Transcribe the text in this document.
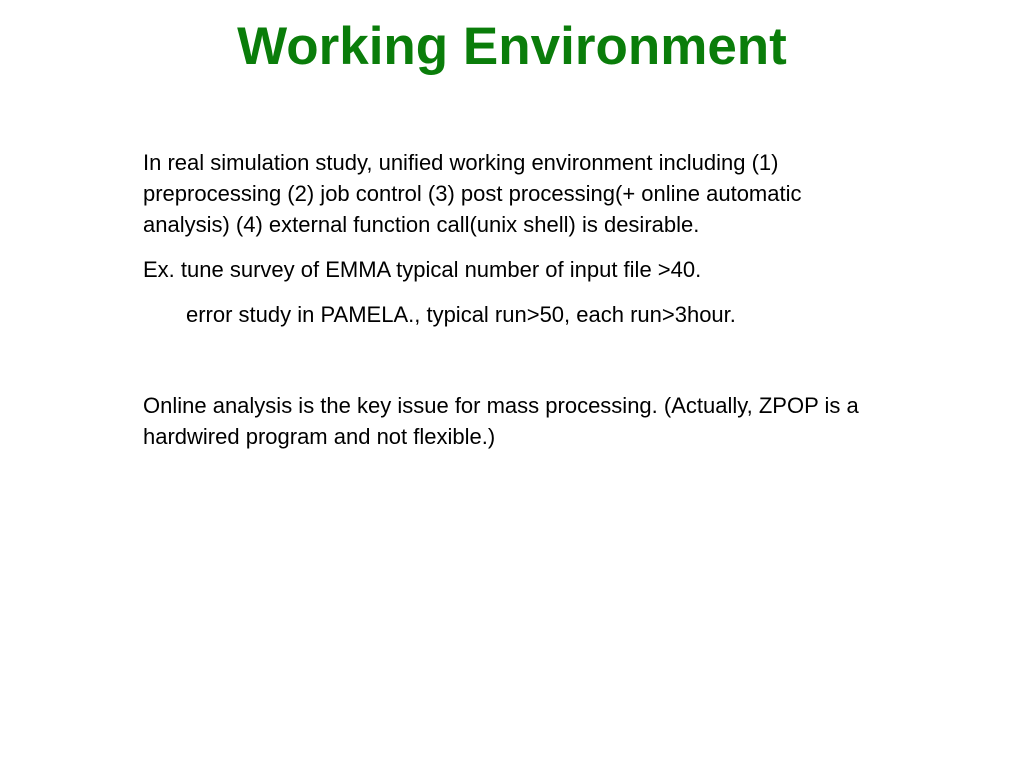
Working Environment

In real simulation study, unified working environment including (1) preprocessing (2) job control (3) post processing(+ online automatic analysis) (4) external function call(unix shell) is desirable.

Ex. tune survey of EMMA typical number of input file >40.

error study in PAMELA., typical run>50, each run>3hour.

Online analysis is the key issue for mass processing. (Actually, ZPOP is a hardwired program and not flexible.)
